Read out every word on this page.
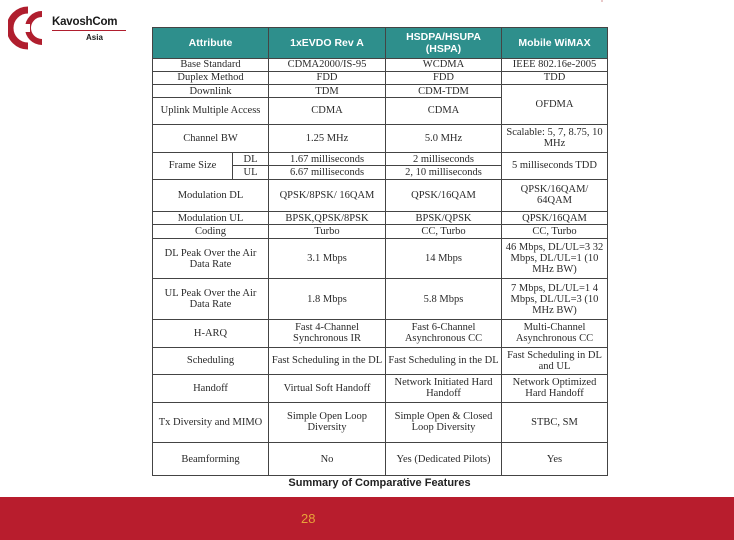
KavoshCom
Asia	Attribute		1xEVDO Rev A	HSDPA/HSUPA (HSPA)	Mobile WiMAX
Base Standard		CDMA2000/IS-95	WCDMA	IEEE 802.16e-2005
Duplex Method		FDD	FDD	TDD
Downlink		TDM	CDM-TDM	OFDMA
Uplink Multiple Access		CDMA	CDMA	
Channel BW		1.25 MHz	5.0 MHz	Scalable: 5, 7, 8.75, 10 MHz
Frame Size	DL	1.67 milliseconds	2 milliseconds	5 milliseconds TDD
	UL	6.67 milliseconds	2, 10 milliseconds	
Modulation DL		QPSK/8PSK/ 16QAM	QPSK/16QAM	QPSK/16QAM/ 64QAM
Modulation UL		BPSK,QPSK/8PSK	BPSK/QPSK	QPSK/16QAM
Coding		Turbo	CC, Turbo	CC, Turbo
DL Peak Over the Air Data Rate		3.1 Mbps	14 Mbps	46 Mbps, DL/UL=3 32 Mbps, DL/UL=1 (10 MHz BW)
UL Peak Over the Air Data Rate		1.8 Mbps	5.8 Mbps	7 Mbps, DL/UL=1 4 Mbps, DL/UL=3 (10 MHz BW)
H-ARQ		Fast 4-Channel Synchronous IR	Fast 6-Channel Asynchronous CC	Multi-Channel Asynchronous CC
Scheduling		Fast Scheduling in the DL	Fast Scheduling in the DL	Fast Scheduling in DL and UL
Handoff		Virtual Soft Handoff	Network Initiated Hard Handoff	Network Optimized Hard Handoff
Tx Diversity and MIMO		Simple Open Loop Diversity	Simple Open & Closed Loop Diversity	STBC, SM
Beamforming		No	Yes (Dedicated Pilots)	Yes
Summary of Comparative Features
28
